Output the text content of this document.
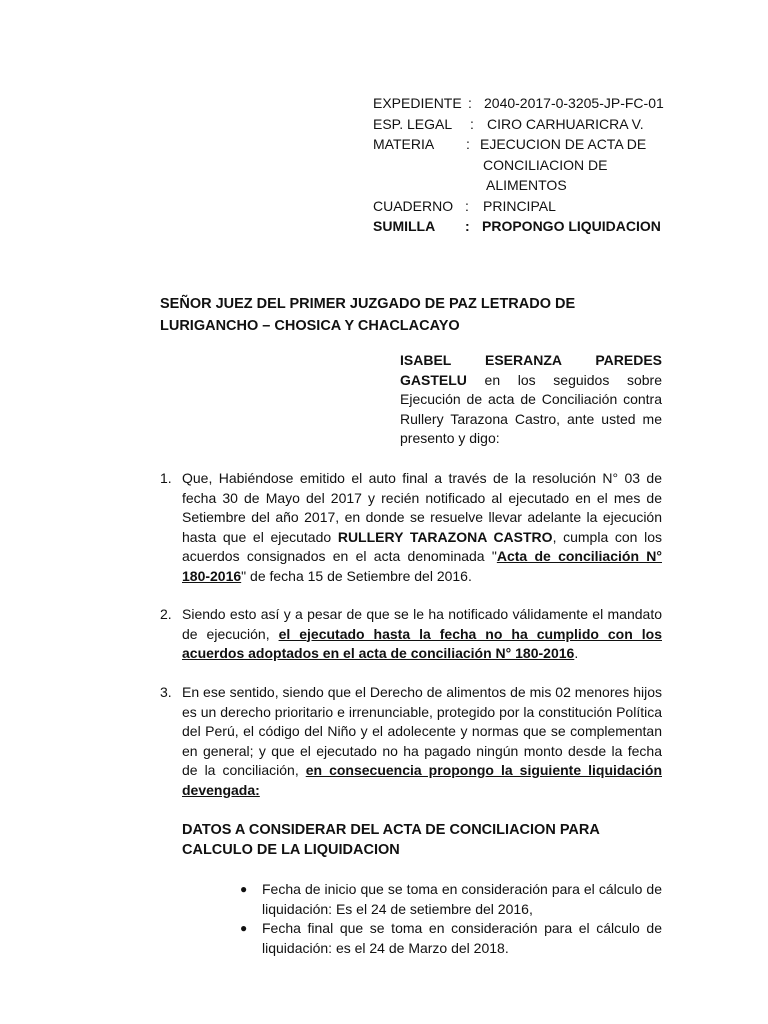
EXPEDIENTE : 2040-2017-0-3205-JP-FC-01
ESP. LEGAL : CIRO CARHUARICRA V.
MATERIA : EJECUCION DE ACTA DE
CONCILIACION DE
ALIMENTOS
CUADERNO : PRINCIPAL
SUMILLA : PROPONGO LIQUIDACION
SEÑOR JUEZ DEL PRIMER JUZGADO DE PAZ LETRADO DE LURIGANCHO – CHOSICA Y CHACLACAYO
ISABEL ESERANZA PAREDES GASTELU en los seguidos sobre Ejecución de acta de Conciliación contra Rullery Tarazona Castro, ante usted me presento y digo:
1. Que, Habiéndose emitido el auto final a través de la resolución N° 03 de fecha 30 de Mayo del 2017 y recién notificado al ejecutado en el mes de Setiembre del año 2017, en donde se resuelve llevar adelante la ejecución hasta que el ejecutado RULLERY TARAZONA CASTRO, cumpla con los acuerdos consignados en el acta denominada "Acta de conciliación N° 180-2016" de fecha 15 de Setiembre del 2016.
2. Siendo esto así y a pesar de que se le ha notificado válidamente el mandato de ejecución, el ejecutado hasta la fecha no ha cumplido con los acuerdos adoptados en el acta de conciliación N° 180-2016.
3. En ese sentido, siendo que el Derecho de alimentos de mis 02 menores hijos es un derecho prioritario e irrenunciable, protegido por la constitución Política del Perú, el código del Niño y el adolecente y normas que se complementan en general; y que el ejecutado no ha pagado ningún monto desde la fecha de la conciliación, en consecuencia propongo la siguiente liquidación devengada:
DATOS A CONSIDERAR DEL ACTA DE CONCILIACION PARA CALCULO DE LA LIQUIDACION
● Fecha de inicio que se toma en consideración para el cálculo de liquidación: Es el 24 de setiembre del 2016,
● Fecha final que se toma en consideración para el cálculo de liquidación: es el 24 de Marzo del 2018.
